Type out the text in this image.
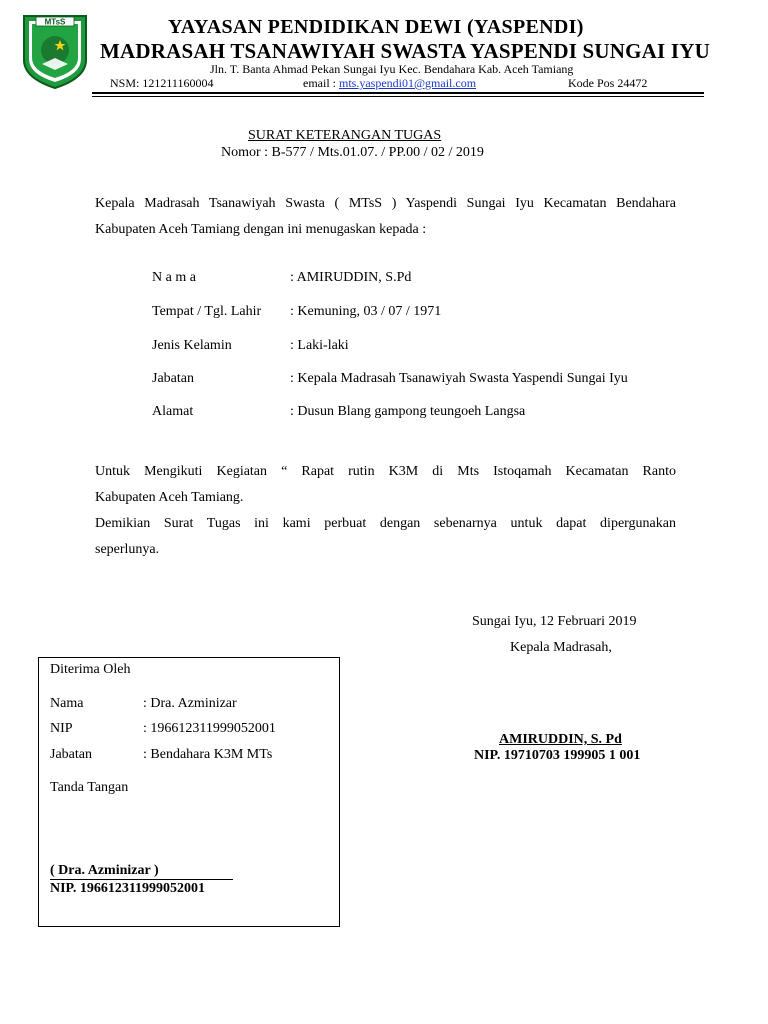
MTsS	YAYASAN PENDIDIKAN DEWI (YASPENDI)
MADRASAH TSANAWIYAH SWASTA YASPENDI SUNGAI IYU
Jln. T. Banta Ahmad Pekan Sungai Iyu Kec. Bendahara Kab. Aceh Tamiang
NSM: 121211160004	email : mts.yaspendi01@gmail.com	Kode Pos 24472
SURAT KETERANGAN TUGAS
Nomor : B-577 / Mts.01.07. / PP.00 / 02 / 2019
Kepala Madrasah Tsanawiyah Swasta ( MTsS ) Yaspendi Sungai Iyu Kecamatan Bendahara
Kabupaten Aceh Tamiang dengan ini menugaskan kepada :
N a m a	: AMIRUDDIN, S.Pd
Tempat / Tgl. Lahir : Kemuning, 03 / 07 / 1971
Jenis Kelamin	: Laki-laki
Jabatan	: Kepala Madrasah Tsanawiyah Swasta Yaspendi Sungai Iyu
Alamat	: Dusun Blang gampong teungoeh Langsa
Untuk Mengikuti Kegiatan “ Rapat rutin K3M di Mts Istoqamah Kecamatan Ranto
Kabupaten Aceh Tamiang.
Demikian Surat Tugas ini kami perbuat dengan sebenarnya untuk dapat dipergunakan
seperlunya.
Sungai Iyu, 12 Februari 2019
Kepala Madrasah,
AMIRUDDIN, S. Pd
NIP. 19710703 199905 1 001
Diterima Oleh
Nama	: Dra. Azminizar
NIP	: 196612311999052001
Jabatan	: Bendahara K3M MTs
Tanda Tangan
( Dra. Azminizar )
NIP. 196612311999052001
